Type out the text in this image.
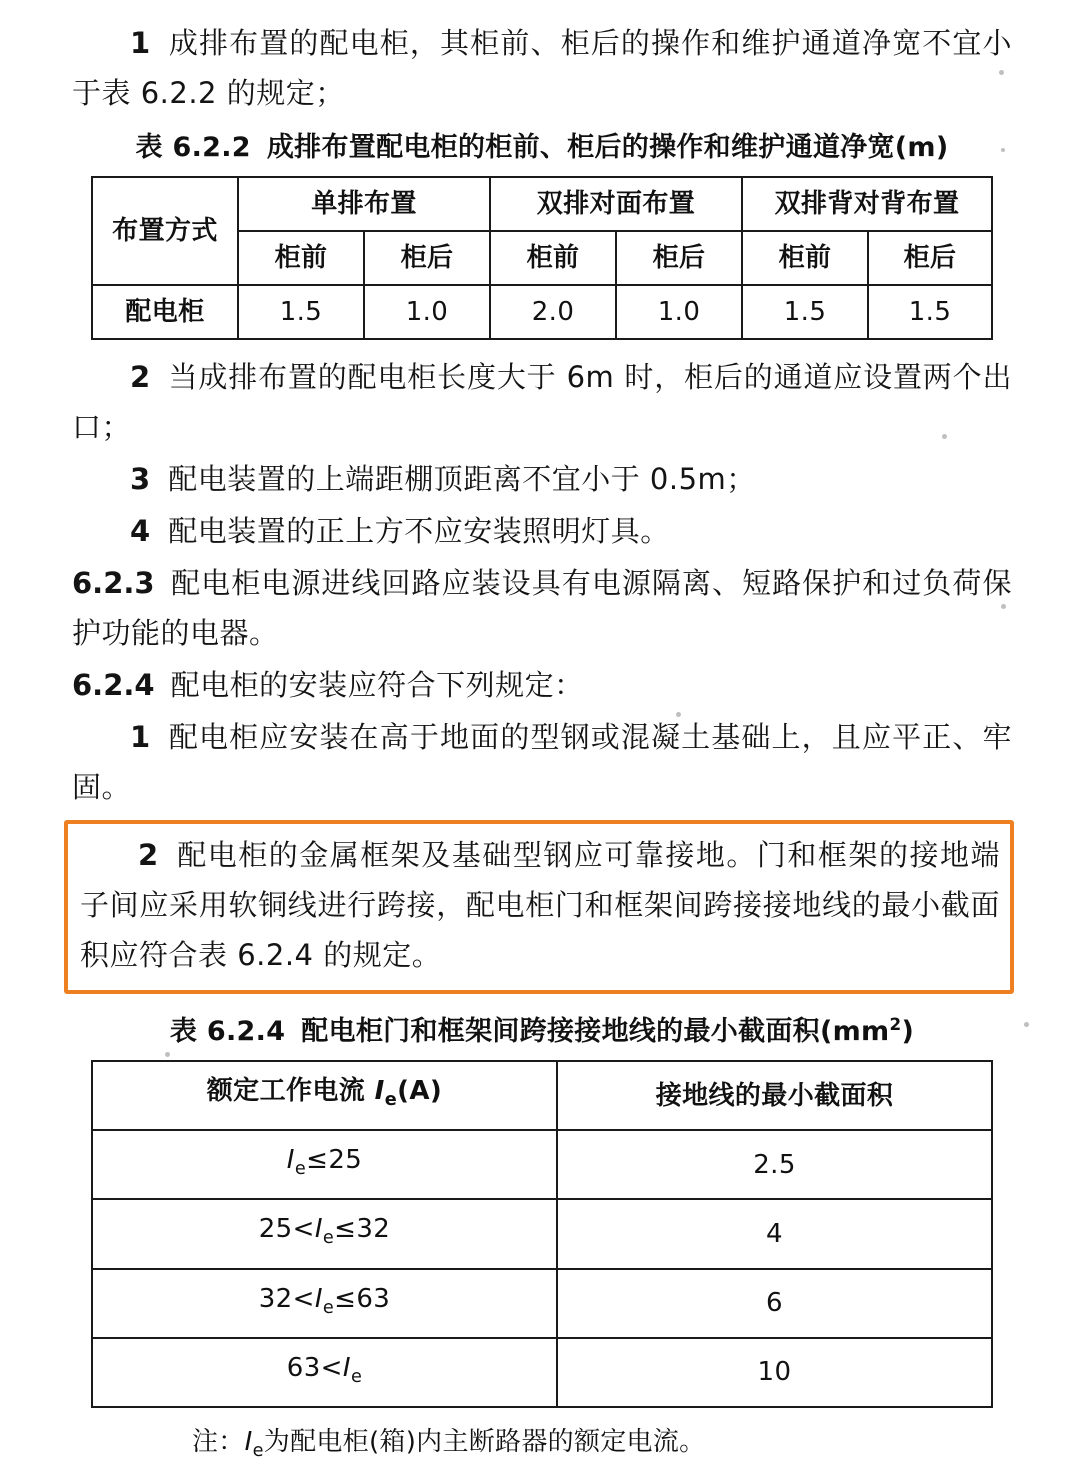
1 成排布置的配电柜，其柜前、柜后的操作和维护通道净宽不宜小于表 6.2.2 的规定；

表 6.2.2 成排布置配电柜的柜前、柜后的操作和维护通道净宽(m)
布置方式	单排布置		双排对面布置		双排背对背布置	
	柜前	柜后	柜前	柜后	柜前	柜后
配电柜	1.5	1.0	2.0	1.0	1.5	1.5

2 当成排布置的配电柜长度大于 6m 时，柜后的通道应设置两个出口；

3 配电装置的上端距棚顶距离不宜小于 0.5m；

4 配电装置的正上方不应安装照明灯具。

6.2.3 配电柜电源进线回路应装设具有电源隔离、短路保护和过负荷保护功能的电器。

6.2.4 配电柜的安装应符合下列规定：

1 配电柜应安装在高于地面的型钢或混凝土基础上，且应平正、牢固。

2 配电柜的金属框架及基础型钢应可靠接地。门和框架的接地端子间应采用软铜线进行跨接，配电柜门和框架间跨接接地线的最小截面积应符合表 6.2.4 的规定。

表 6.2.4 配电柜门和框架间跨接接地线的最小截面积$(mm^2)$
额定工作电流 $I_e(A)$	接地线的最小截面积
$I_e\le 25$	2.5
$25<I_e\le 32$	4
$32<I_e\le 63$	6
$63<I_e$	10
注：$I_e$为配电柜(箱)内主断路器的额定电流。
